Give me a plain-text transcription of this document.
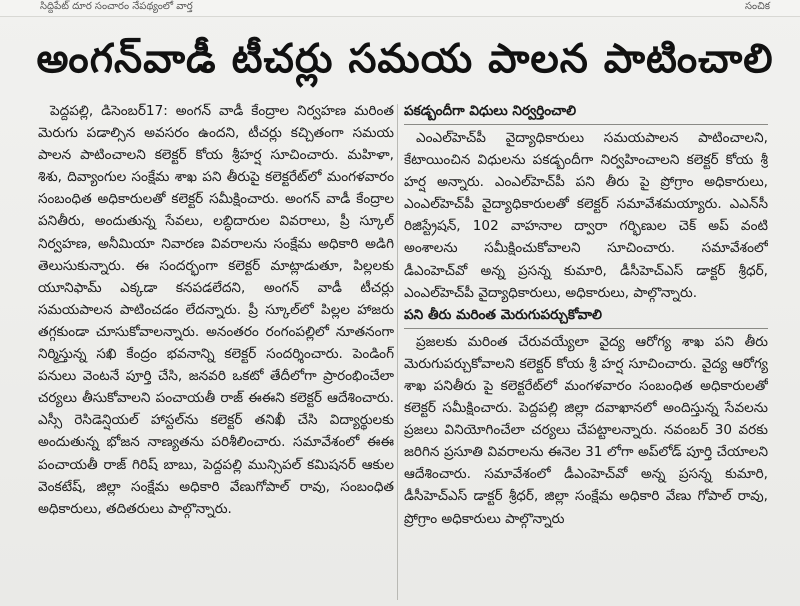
సిద్దిపేట్ దూర సంచారం నేపథ్యంలో వార్త	సంచిక
అంగన్‌వాడీ టీచర్లు సమయ పాలన పాటించాలి

పెద్దపల్లి, డిసెంబర్17: అంగన్ వాడీ కేంద్రాల నిర్వహణ మరింత మెరుగు పడాల్సిన అవసరం ఉందని, టీచర్లు కచ్చితంగా సమయ పాలన పాటించాలని కలెక్టర్ కోయ శ్రీహర్ష సూచించారు. మహిళా, శిశు, దివ్యాంగుల సంక్షేమ శాఖ పని తీరుపై కలెక్టరేట్‌లో మంగళవారం సంబంధిత అధికారులతో కలెక్టర్ సమీక్షించారు. అంగన్ వాడీ కేంద్రాల పనితీరు, అందుతున్న సేవలు, లబ్ధిదారుల వివరాలు, ప్రీ స్కూల్ నిర్వహణ, అనీమియా నివారణ వివరాలను సంక్షేమ అధికారి అడిగి తెలుసుకున్నారు. ఈ సందర్భంగా కలెక్టర్ మాట్లాడుతూ, పిల్లలకు యూనిఫామ్ ఎక్కడా కనపడలేదని, అంగన్ వాడీ టీచర్లు సమయపాలన పాటించడం లేదన్నారు. ప్రీ స్కూల్‌లో పిల్లల హాజరు తగ్గకుండా చూసుకోవాలన్నారు. అనంతరం రంగంపల్లిలో నూతనంగా నిర్మిస్తున్న సఖి కేంద్రం భవనాన్ని కలెక్టర్ సందర్శించారు. పెండింగ్ పనులు వెంటనే పూర్తి చేసి, జనవరి ఒకటో తేదీలోగా ప్రారంభించేలా చర్యలు తీసుకోవాలని పంచాయతీ రాజ్ ఈఈని కలెక్టర్ ఆదేశించారు. ఎస్సీ రెసిడెన్షియల్ హాస్టల్‌ను కలెక్టర్ తనిఖీ చేసి విద్యార్థులకు అందుతున్న భోజన నాణ్యతను పరిశీలించారు. సమావేశంలో ఈఈ పంచాయతీ రాజ్ గిరిష్ బాబు, పెద్దపల్లి మున్సిపల్ కమిషనర్ ఆకుల వెంకటేష్, జిల్లా సంక్షేమ అధికారి వేణుగోపాల్ రావు, సంబంధిత అధికారులు, తదితరులు పాల్గొన్నారు.

పకడ్బందీగా విధులు నిర్వర్తించాలి

ఎంఎల్‌హెచ్‌పీ వైద్యాధికారులు సమయపాలన పాటించాలని, కేటాయించిన విధులను పకడ్బందీగా నిర్వహించాలని కలెక్టర్ కోయ శ్రీ హర్ష అన్నారు. ఎంఎల్‌హెచ్‌పీ పని తీరు పై ప్రోగ్రాం అధికారులు, ఎంఎల్‌హెచ్‌పీ వైద్యాధికారులతో కలెక్టర్ సమావేశమయ్యారు. ఎఎన్‌సీ రిజిస్ట్రేషన్, 102 వాహనాల ద్వారా గర్భిణుల చెక్ అప్ వంటి అంశాలను సమీక్షించుకోవాలని సూచించారు. సమావేశంలో డీఎంహెచ్‌వో అన్న ప్రసన్న కుమారి, డీసీహెచ్ఎస్ డాక్టర్ శ్రీధర్, ఎంఎల్‌హెచ్‌పీ వైద్యాధికారులు, అధికారులు, పాల్గొన్నారు.

పని తీరు మరింత మెరుగుపర్చుకోవాలి

ప్రజలకు మరింత చేరువయ్యేలా వైద్య ఆరోగ్య శాఖ పని తీరు మెరుగుపర్చుకోవాలని కలెక్టర్ కోయ శ్రీ హర్ష సూచించారు. వైద్య ఆరోగ్య శాఖ పనితీరు పై కలెక్టరేట్‌లో మంగళవారం సంబంధిత అధికారులతో కలెక్టర్ సమీక్షించారు. పెద్దపల్లి జిల్లా దవాఖానలో అందిస్తున్న సేవలను ప్రజలు వినియోగించేలా చర్యలు చేపట్టాలన్నారు. నవంబర్ 30 వరకు జరిగిన ప్రసూతి వివరాలను ఈనెల 31 లోగా అప్‌లోడ్ పూర్తి చేయాలని ఆదేశించారు. సమావేశంలో డీఎంహెచ్‌వో అన్న ప్రసన్న కుమారి, డీసీహెచ్ఎస్ డాక్టర్ శ్రీధర్, జిల్లా సంక్షేమ అధికారి వేణు గోపాల్ రావు, ప్రోగ్రాం అధికారులు పాల్గొన్నారు
